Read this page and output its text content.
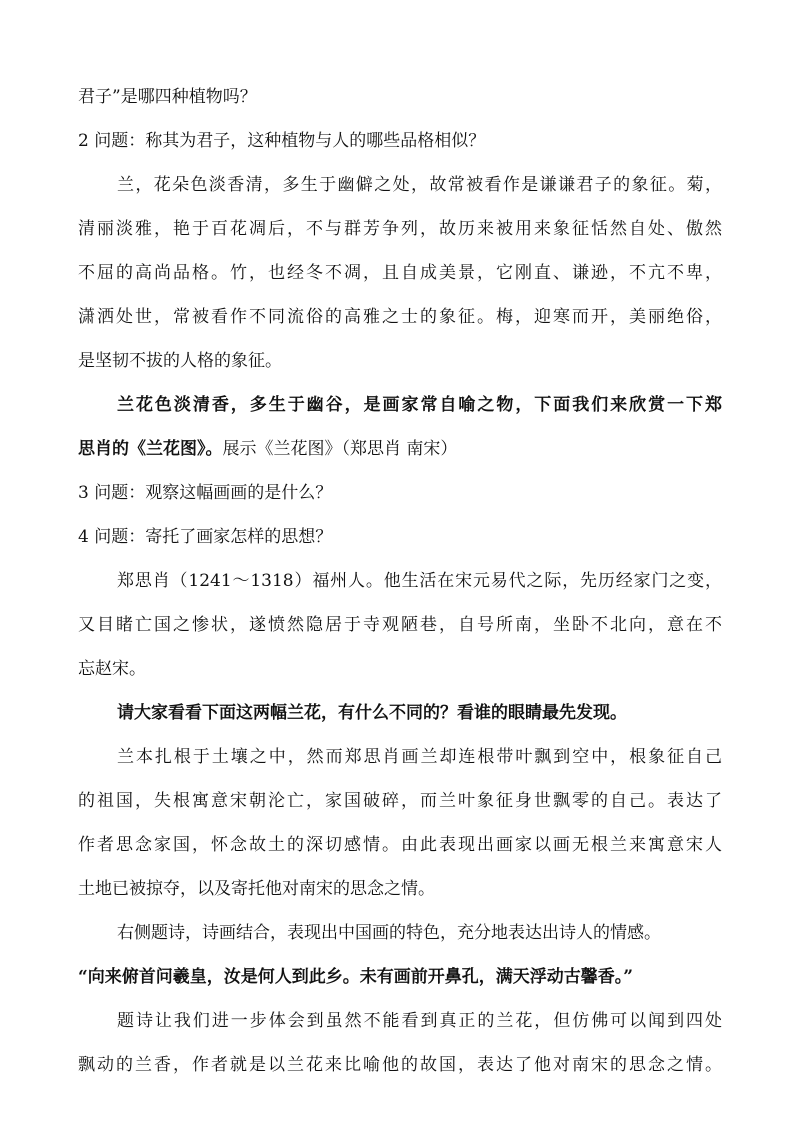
君子”是哪四种植物吗？
2 问题：称其为君子，这种植物与人的哪些品格相似？
兰，花朵色淡香清，多生于幽僻之处，故常被看作是谦谦君子的象征。菊，
清丽淡雅，艳于百花凋后，不与群芳争列，故历来被用来象征恬然自处、傲然
不屈的高尚品格。竹，也经冬不凋，且自成美景，它刚直、谦逊，不亢不卑，
潇洒处世，常被看作不同流俗的高雅之士的象征。梅，迎寒而开，美丽绝俗，
是坚韧不拔的人格的象征。
兰花色淡清香，多生于幽谷，是画家常自喻之物，下面我们来欣赏一下郑
思肖的《兰花图》。展示《兰花图》（郑思肖 南宋）
3 问题：观察这幅画画的是什么？
4 问题：寄托了画家怎样的思想？
郑思肖（1241～1318）福州人。他生活在宋元易代之际，先历经家门之变，
又目睹亡国之惨状，遂愤然隐居于寺观陋巷，自号所南，坐卧不北向，意在不
忘赵宋。
请大家看看下面这两幅兰花，有什么不同的？看谁的眼睛最先发现。
兰本扎根于土壤之中，然而郑思肖画兰却连根带叶飘到空中，根象征自己
的祖国，失根寓意宋朝沦亡，家国破碎，而兰叶象征身世飘零的自己。表达了
作者思念家国，怀念故土的深切感情。由此表现出画家以画无根兰来寓意宋人
土地已被掠夺，以及寄托他对南宋的思念之情。
右侧题诗，诗画结合，表现出中国画的特色，充分地表达出诗人的情感。
“向来俯首问羲皇，汝是何人到此乡。未有画前开鼻孔，满天浮动古馨香。”
题诗让我们进一步体会到虽然不能看到真正的兰花，但仿佛可以闻到四处
飘动的兰香，作者就是以兰花来比喻他的故国，表达了他对南宋的思念之情。
